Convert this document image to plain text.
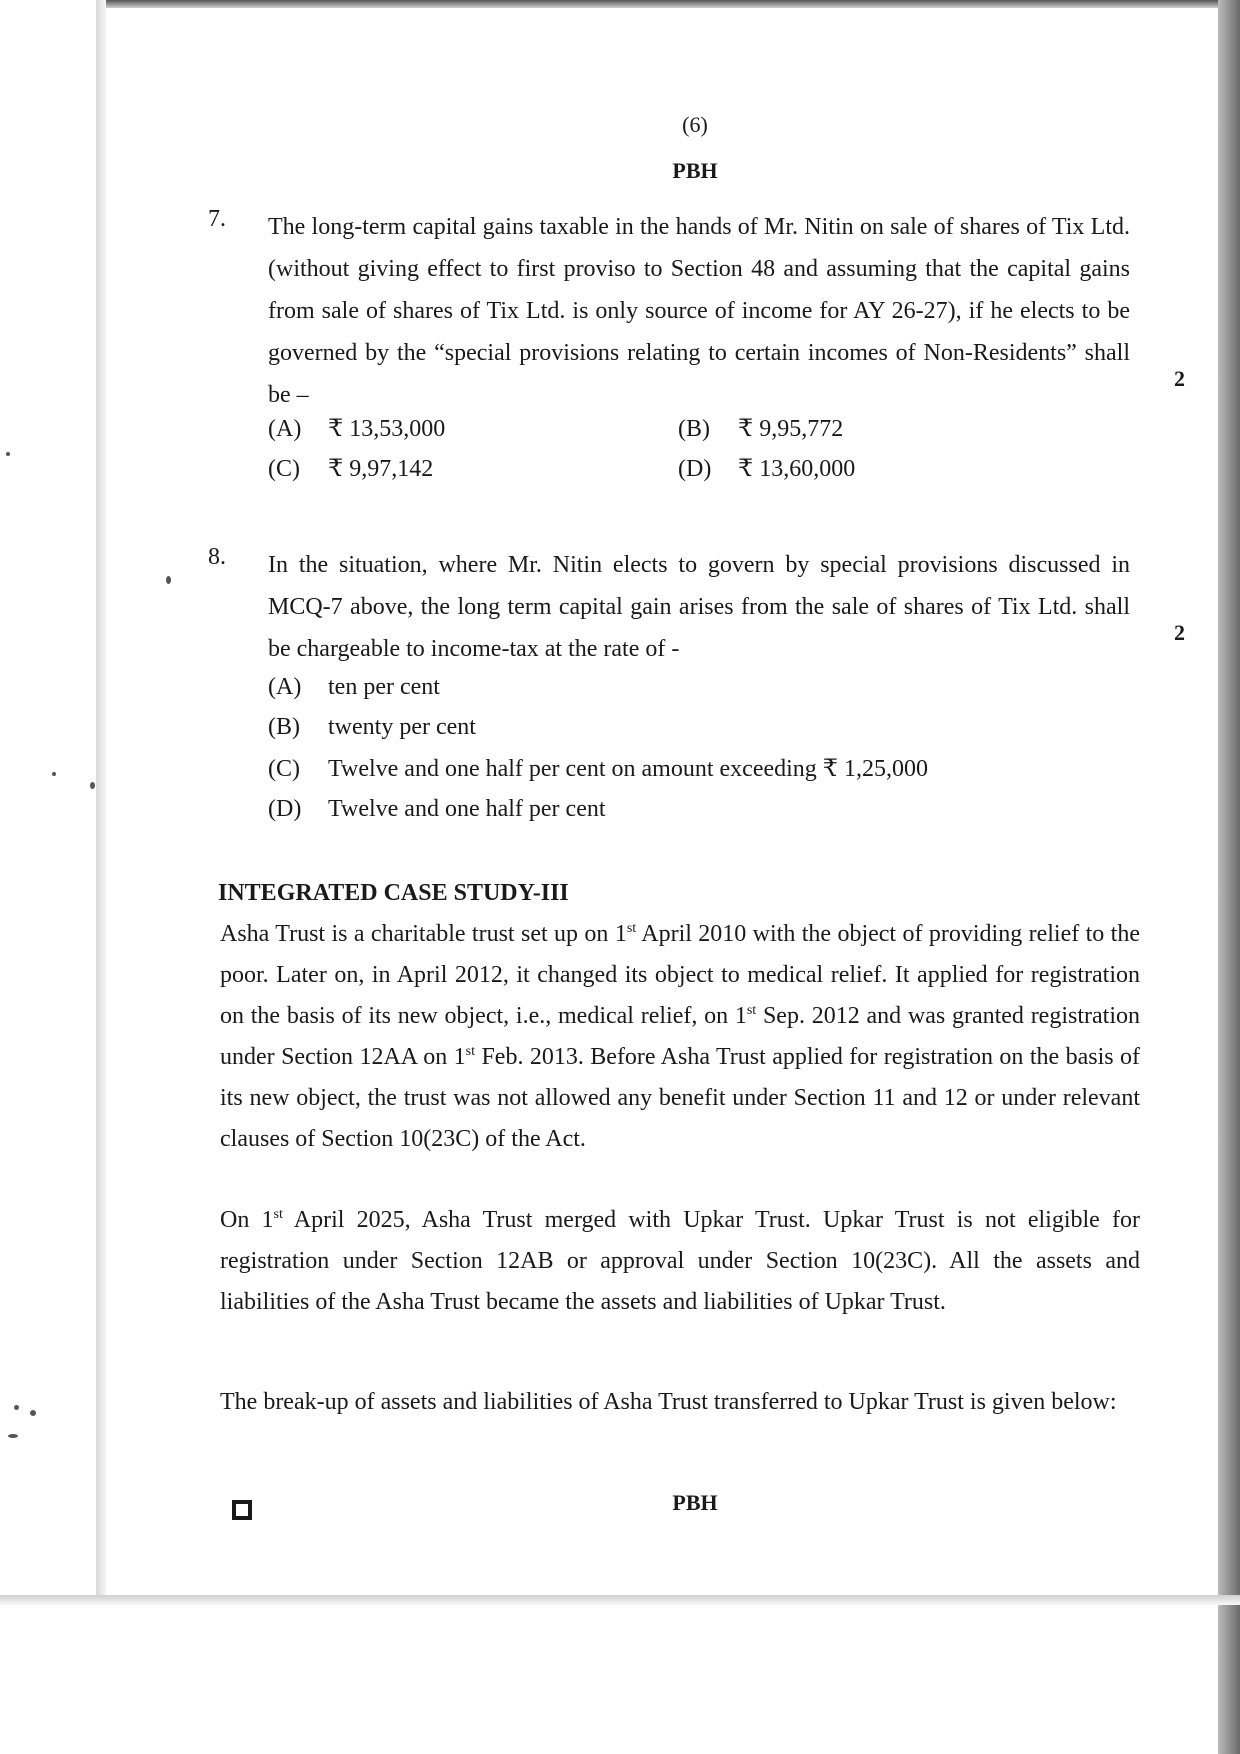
(6)
PBH
7. The long-term capital gains taxable in the hands of Mr. Nitin on sale of shares of Tix Ltd. (without giving effect to first proviso to Section 48 and assuming that the capital gains from sale of shares of Tix Ltd. is only source of income for AY 26-27), if he elects to be governed by the “special provisions relating to certain incomes of Non-Residents” shall be –
(A) ₹ 13,53,000	(B) ₹ 9,95,772
(C) ₹ 9,97,142	(D) ₹ 13,60,000
2
8. In the situation, where Mr. Nitin elects to govern by special provisions discussed in MCQ-7 above, the long term capital gain arises from the sale of shares of Tix Ltd. shall be chargeable to income-tax at the rate of -
(A) ten per cent
(B) twenty per cent
(C) Twelve and one half per cent on amount exceeding ₹ 1,25,000
(D) Twelve and one half per cent
2
INTEGRATED CASE STUDY-III

Asha Trust is a charitable trust set up on 1st April 2010 with the object of providing relief to the poor. Later on, in April 2012, it changed its object to medical relief. It applied for registration on the basis of its new object, i.e., medical relief, on 1st Sep. 2012 and was granted registration under Section 12AA on 1st Feb. 2013. Before Asha Trust applied for registration on the basis of its new object, the trust was not allowed any benefit under Section 11 and 12 or under relevant clauses of Section 10(23C) of the Act.

On 1st April 2025, Asha Trust merged with Upkar Trust. Upkar Trust is not eligible for registration under Section 12AB or approval under Section 10(23C). All the assets and liabilities of the Asha Trust became the assets and liabilities of Upkar Trust.

The break-up of assets and liabilities of Asha Trust transferred to Upkar Trust is given below:

PBH
